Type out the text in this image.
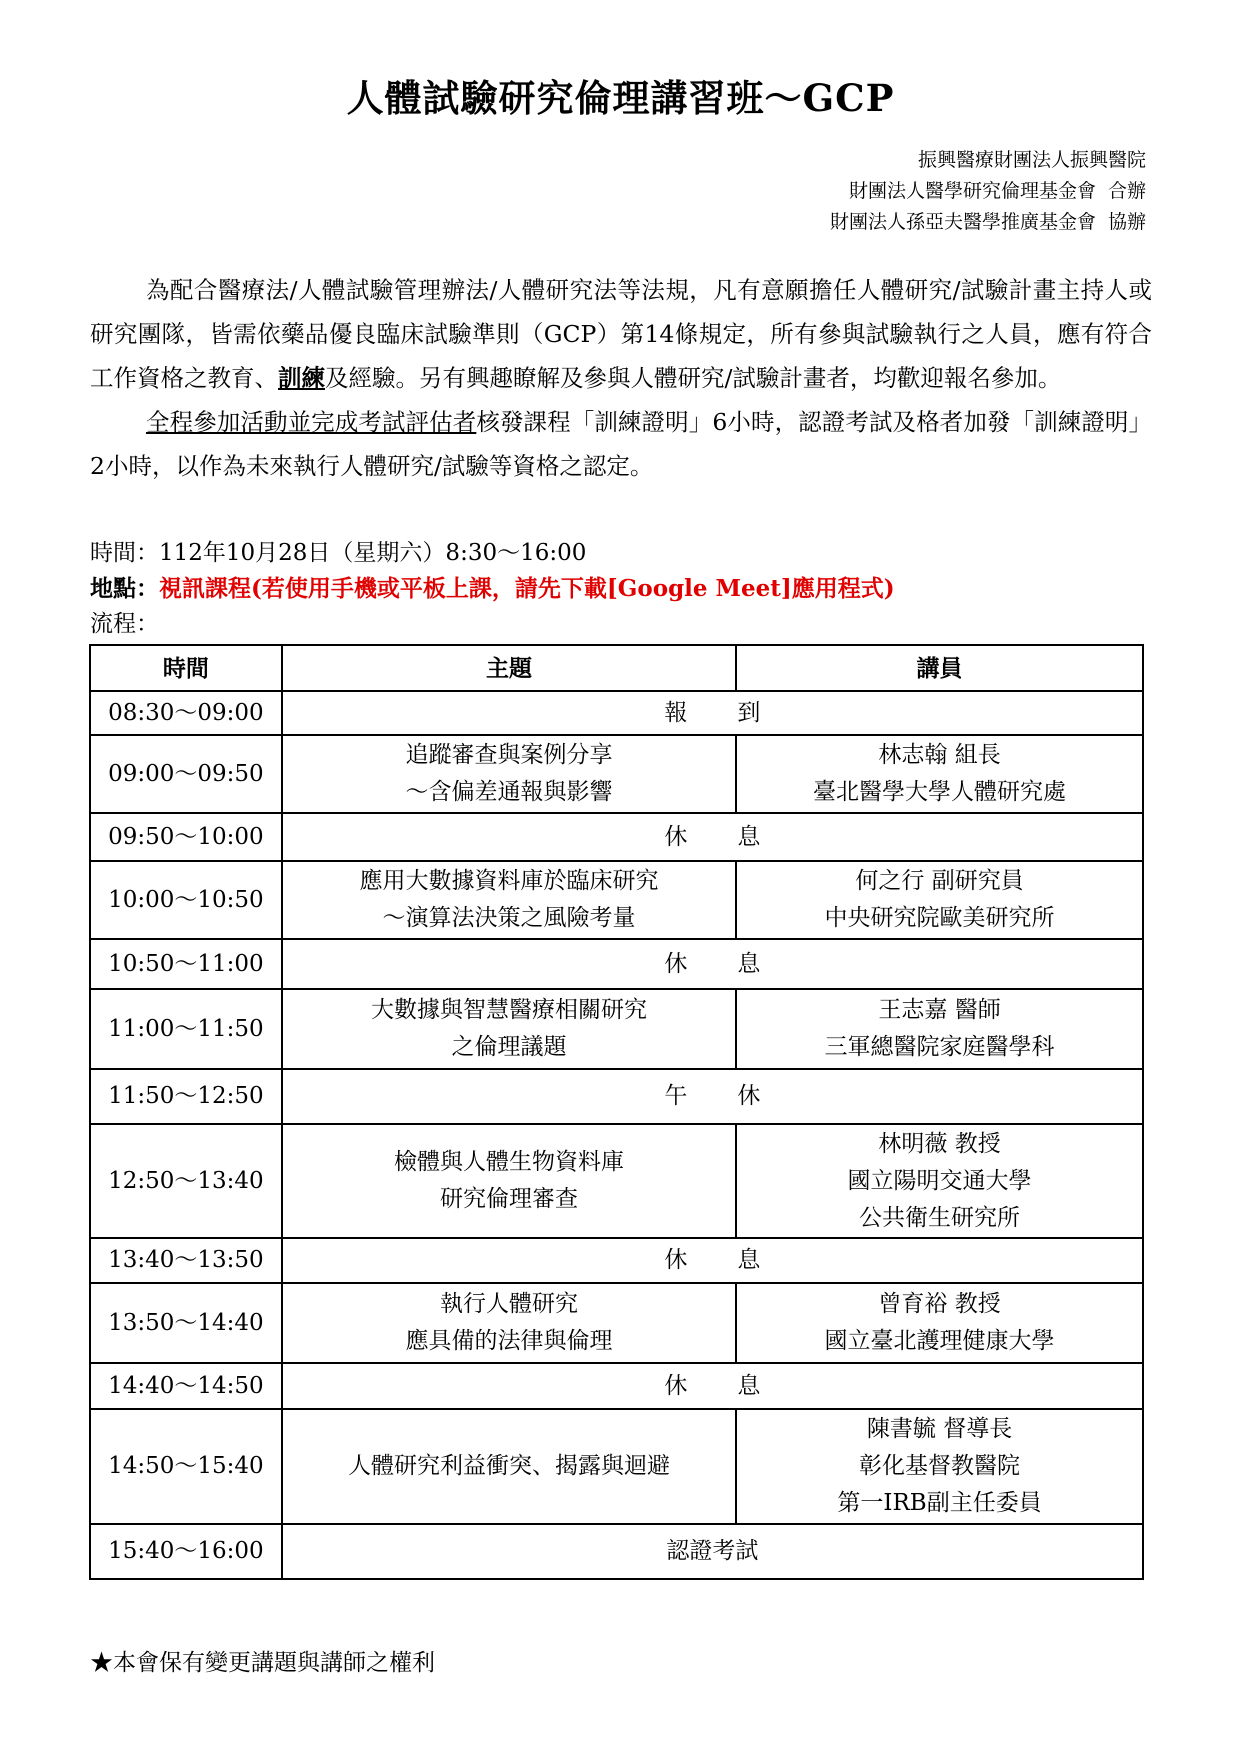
人體試驗研究倫理講習班～GCP
振興醫療財團法人振興醫院
財團法人醫學研究倫理基金會 合辦
財團法人孫亞夫醫學推廣基金會 協辦

為配合醫療法/人體試驗管理辦法/人體研究法等法規，凡有意願擔任人體研究/試驗計畫主持人或研究團隊，皆需依藥品優良臨床試驗準則（GCP）第14條規定，所有參與試驗執行之人員，應有符合工作資格之教育、訓練及經驗。另有興趣瞭解及參與人體研究/試驗計畫者，均歡迎報名參加。

全程參加活動並完成考試評估者核發課程「訓練證明」6小時，認證考試及格者加發「訓練證明」2小時，以作為未來執行人體研究/試驗等資格之認定。

時間：112年10月28日（星期六）8:30～16:00
地點：視訊課程(若使用手機或平板上課，請先下載[Google Meet]應用程式)
流程：
時間	主題	講員
08:30～09:00	報到	
09:00～09:50	追蹤審查與案例分享
～含偏差通報與影響	林志翰 組長
臺北醫學大學人體研究處

09:50～10:00	休息	
10:00～10:50	應用大數據資料庫於臨床研究
～演算法決策之風險考量	何之行 副研究員
中央研究院歐美研究所

10:50～11:00	休息	
11:00～11:50	大數據與智慧醫療相關研究
之倫理議題	王志嘉 醫師
三軍總醫院家庭醫學科

11:50～12:50	午休	
12:50～13:40	檢體與人體生物資料庫
研究倫理審查	林明薇 教授
國立陽明交通大學
公共衛生研究所

13:40～13:50	休息	
13:50～14:40	執行人體研究
應具備的法律與倫理	曾育裕 教授
國立臺北護理健康大學

14:40～14:50	休息	
14:50～15:40	人體研究利益衝突、揭露與迴避	陳書毓 督導長
彰化基督教醫院
第一IRB副主任委員

15:40～16:00	認證考試	
★本會保有變更講題與講師之權利
